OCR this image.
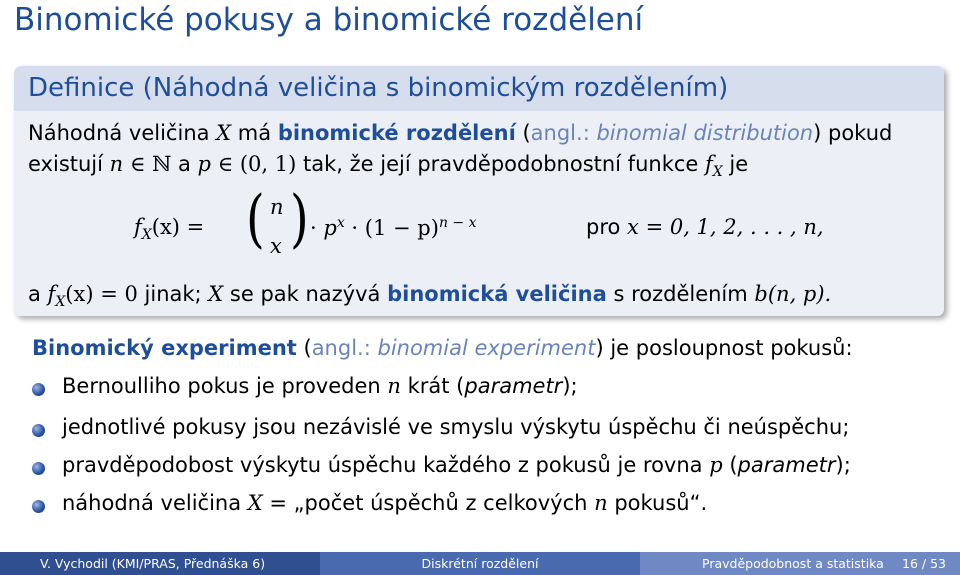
Binomické pokusy a binomické rozdělení
Definice (Náhodná veličina s binomickým rozdělením)
Náhodná veličina X má binomické rozdělení (angl.: binomial distribution) pokud
existují n ∈ ℕ a p ∈ (0, 1) tak, že její pravděpodobnostní funkce $f_X$ je
$f_X(x)$ = ( n
x ) · $p^x \cdot (1 - p)^{n - x}$	pro x = 0, 1, 2, . . . , n,
a $f_X(x) = 0$ jinak; X se pak nazývá binomická veličina s rozdělením b(n, p).
Binomický experiment (angl.: binomial experiment) je posloupnost pokusů:
Bernoulliho pokus je proveden n krát (parametr);
jednotlivé pokusy jsou nezávislé ve smyslu výskytu úspěchu či neúspěchu;
pravděpodobost výskytu úspěchu každého z pokusů je rovna p (parametr);
náhodná veličina X = „počet úspěchů z celkových n pokusů“.
V. Vychodil (KMI/PRAS, Přednáška 6)	Diskrétní rozdělení	Pravděpodobnost a statistika 16 / 53
